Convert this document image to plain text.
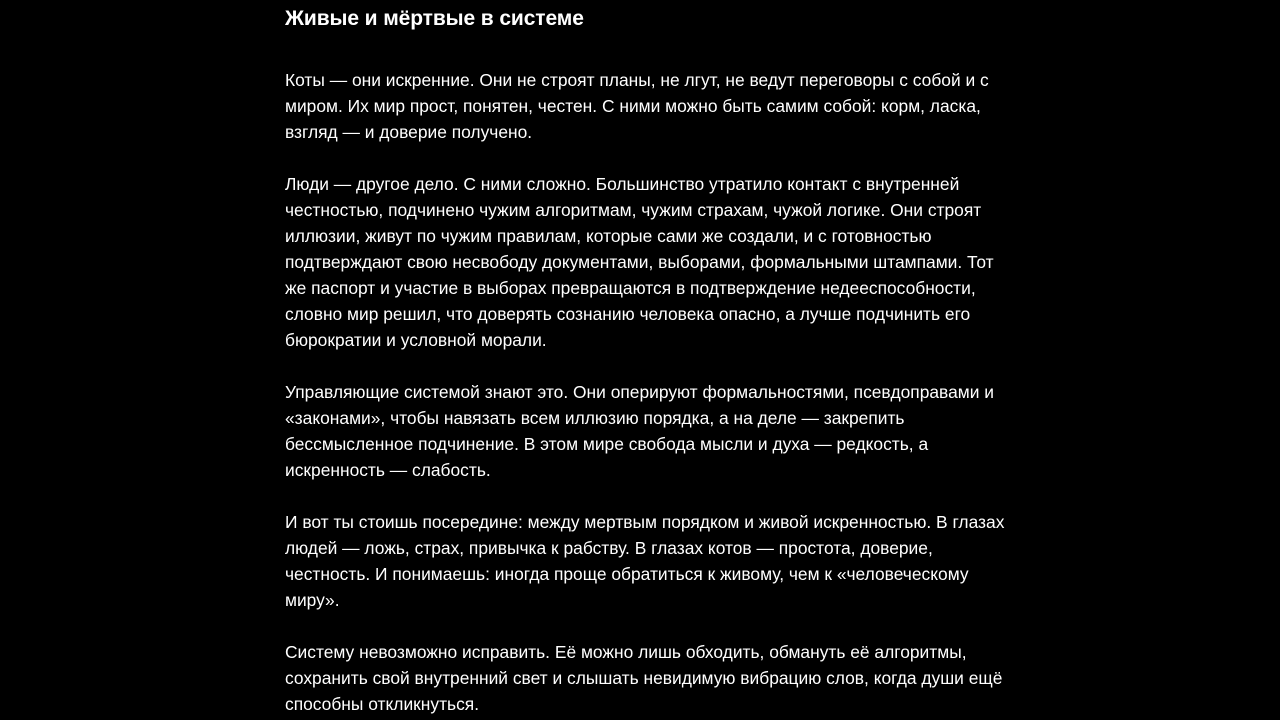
Живые и мёртвые в системе

Коты — они искренние. Они не строят планы, не лгут, не ведут переговоры с собой и с миром. Их мир прост, понятен, честен. С ними можно быть самим собой: корм, ласка, взгляд — и доверие получено.

Люди — другое дело. С ними сложно. Большинство утратило контакт с внутренней честностью, подчинено чужим алгоритмам, чужим страхам, чужой логике. Они строят иллюзии, живут по чужим правилам, которые сами же создали, и с готовностью подтверждают свою несвободу документами, выборами, формальными штампами. Тот же паспорт и участие в выборах превращаются в подтверждение недееспособности, словно мир решил, что доверять сознанию человека опасно, а лучше подчинить его бюрократии и условной морали.

Управляющие системой знают это. Они оперируют формальностями, псевдоправами и «законами», чтобы навязать всем иллюзию порядка, а на деле — закрепить бессмысленное подчинение. В этом мире свобода мысли и духа — редкость, а искренность — слабость.

И вот ты стоишь посередине: между мертвым порядком и живой искренностью. В глазах людей — ложь, страх, привычка к рабству. В глазах котов — простота, доверие, честность. И понимаешь: иногда проще обратиться к живому, чем к «человеческому миру».

Систему невозможно исправить. Её можно лишь обходить, обмануть её алгоритмы, сохранить свой внутренний свет и слышать невидимую вибрацию слов, когда души ещё способны откликнуться.
